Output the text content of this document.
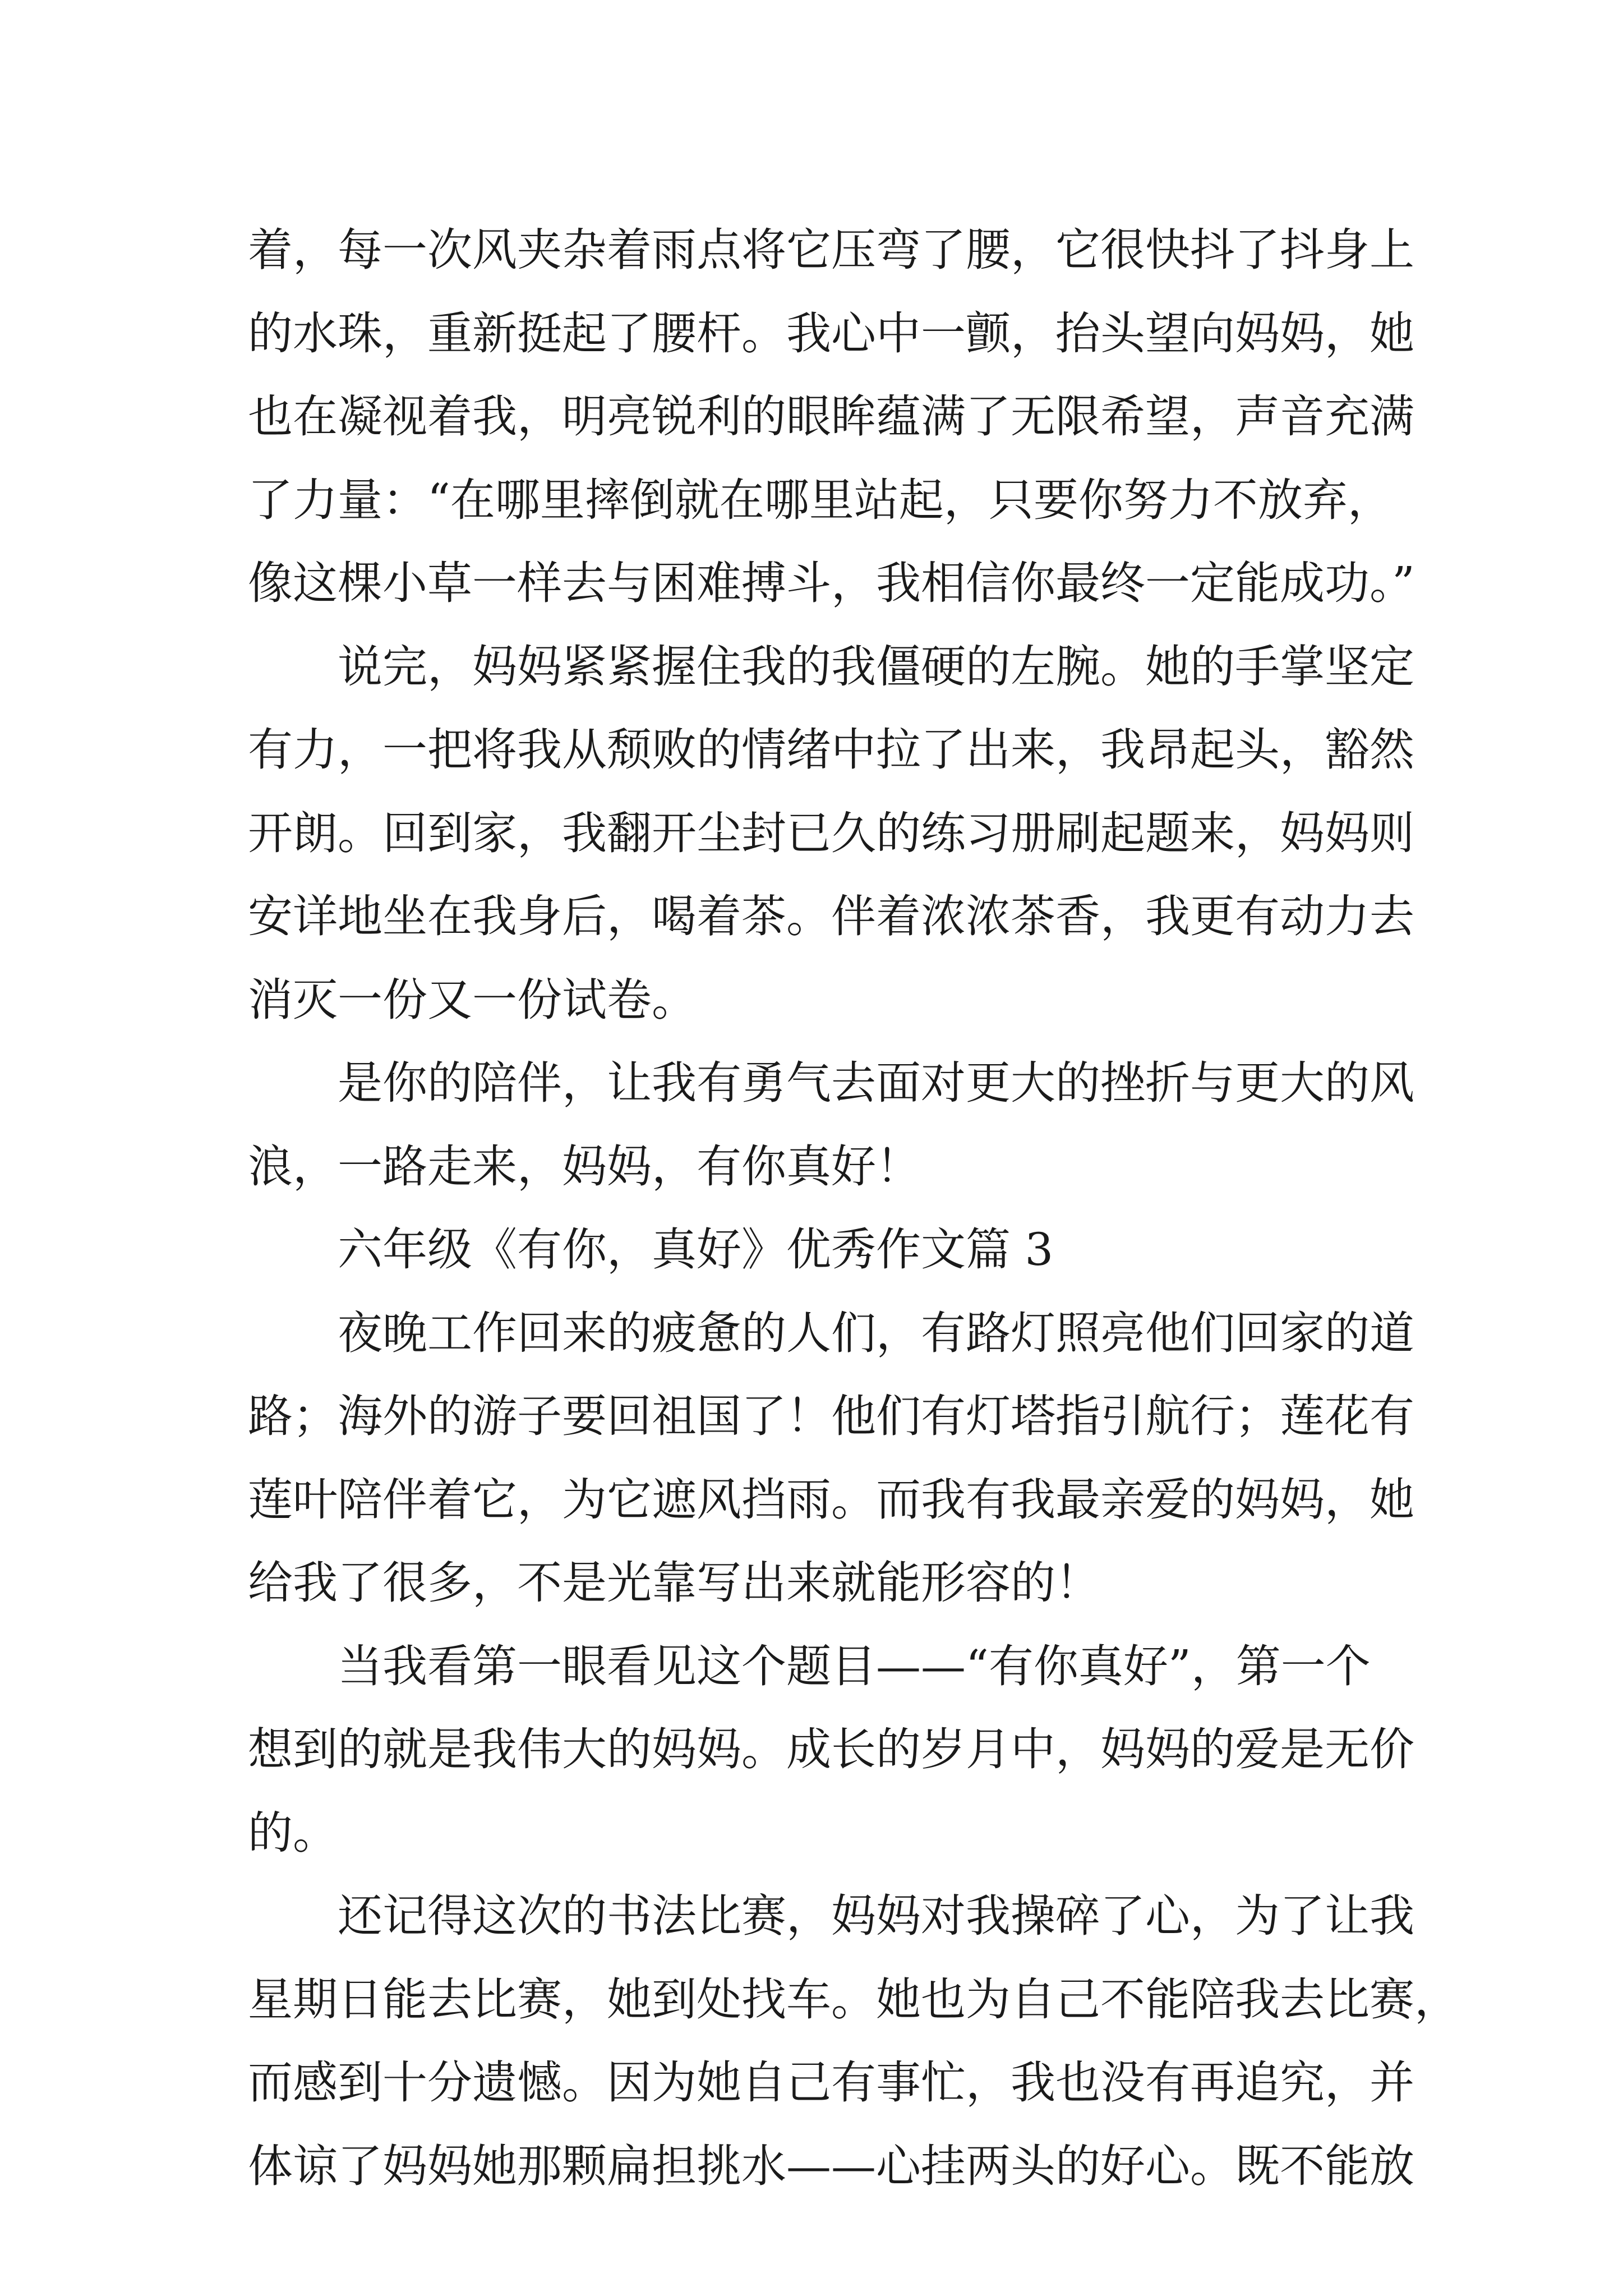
着，每一次风夹杂着雨点将它压弯了腰，它很快抖了抖身上
的水珠，重新挺起了腰杆。我心中一颤，抬头望向妈妈，她
也在凝视着我，明亮锐利的眼眸蕴满了无限希望，声音充满
了力量：“在哪里摔倒就在哪里站起，只要你努力不放弃，
像这棵小草一样去与困难搏斗，我相信你最终一定能成功。”
说完，妈妈紧紧握住我的我僵硬的左腕。她的手掌坚定
有力，一把将我从颓败的情绪中拉了出来，我昂起头，豁然
开朗。回到家，我翻开尘封已久的练习册刷起题来，妈妈则
安详地坐在我身后，喝着茶。伴着浓浓茶香，我更有动力去
消灭一份又一份试卷。
是你的陪伴，让我有勇气去面对更大的挫折与更大的风
浪，一路走来，妈妈，有你真好！
六年级《有你，真好》优秀作文篇 3
夜晚工作回来的疲惫的人们，有路灯照亮他们回家的道
路；海外的游子要回祖国了！他们有灯塔指引航行；莲花有
莲叶陪伴着它，为它遮风挡雨。而我有我最亲爱的妈妈，她
给我了很多，不是光靠写出来就能形容的！
当我看第一眼看见这个题目——“有你真好”，第一个
想到的就是我伟大的妈妈。成长的岁月中，妈妈的爱是无价
的。
还记得这次的书法比赛，妈妈对我操碎了心，为了让我
星期日能去比赛，她到处找车。她也为自己不能陪我去比赛，
而感到十分遗憾。因为她自己有事忙，我也没有再追究，并
体谅了妈妈她那颗扁担挑水——心挂两头的好心。既不能放
